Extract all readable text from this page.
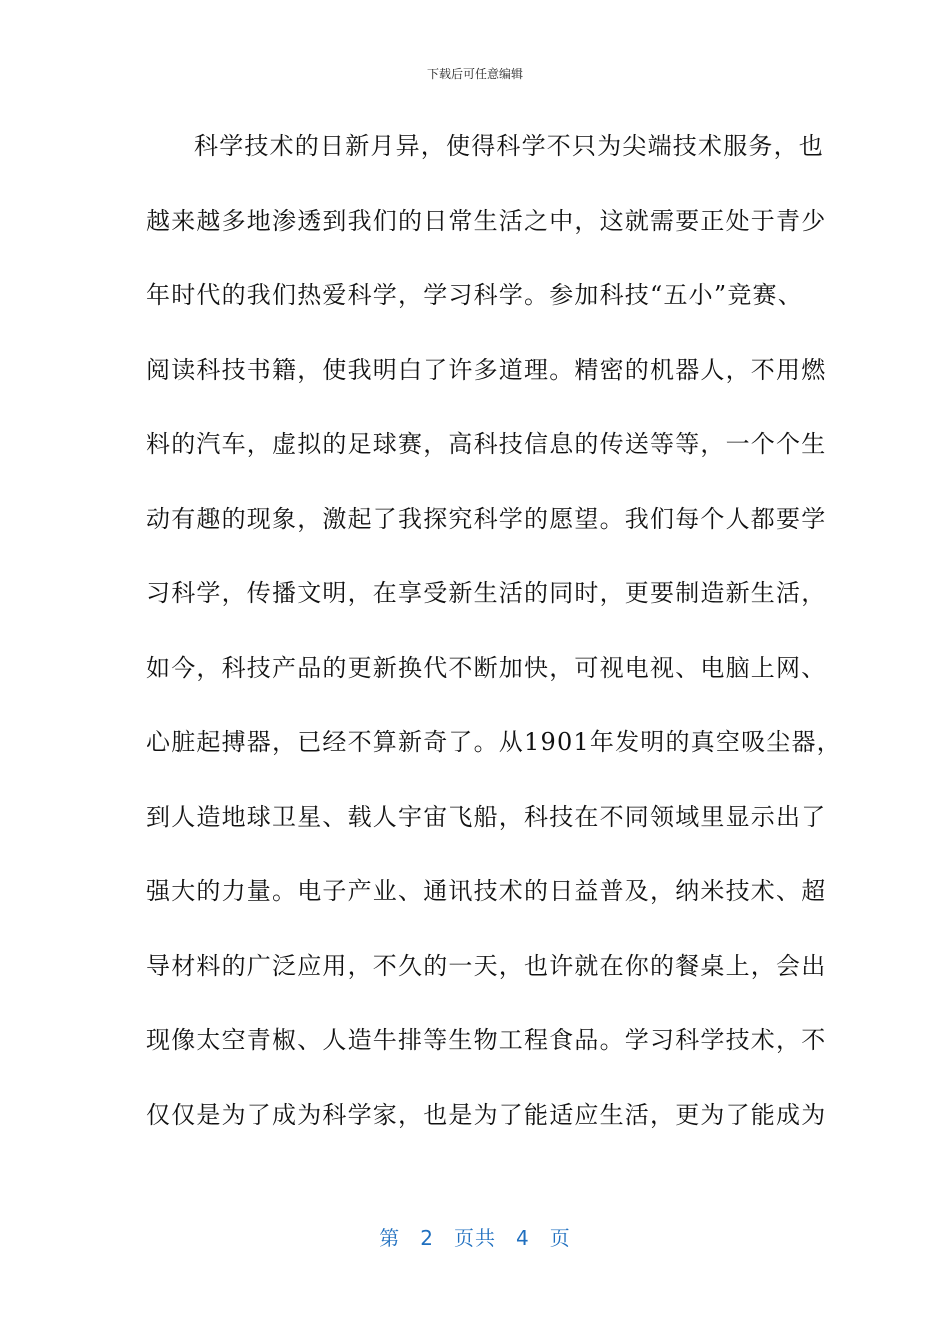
下载后可任意编辑
科学技术的日新月异，使得科学不只为尖端技术服务，也
越来越多地渗透到我们的日常生活之中，这就需要正处于青少
年时代的我们热爱科学，学习科学。参加科技“五小”竞赛、
阅读科技书籍，使我明白了许多道理。精密的机器人，不用燃
料的汽车，虚拟的足球赛，高科技信息的传送等等，一个个生
动有趣的现象，激起了我探究科学的愿望。我们每个人都要学
习科学，传播文明，在享受新生活的同时，更要制造新生活，
如今，科技产品的更新换代不断加快，可视电视、电脑上网、
心脏起搏器，已经不算新奇了。从1901年发明的真空吸尘器，
到人造地球卫星、载人宇宙飞船，科技在不同领域里显示出了
强大的力量。电子产业、通讯技术的日益普及，纳米技术、超
导材料的广泛应用，不久的一天，也许就在你的餐桌上，会出
现像太空青椒、人造牛排等生物工程食品。学习科学技术，不
仅仅是为了成为科学家，也是为了能适应生活，更为了能成为
第 2 页共 4 页
